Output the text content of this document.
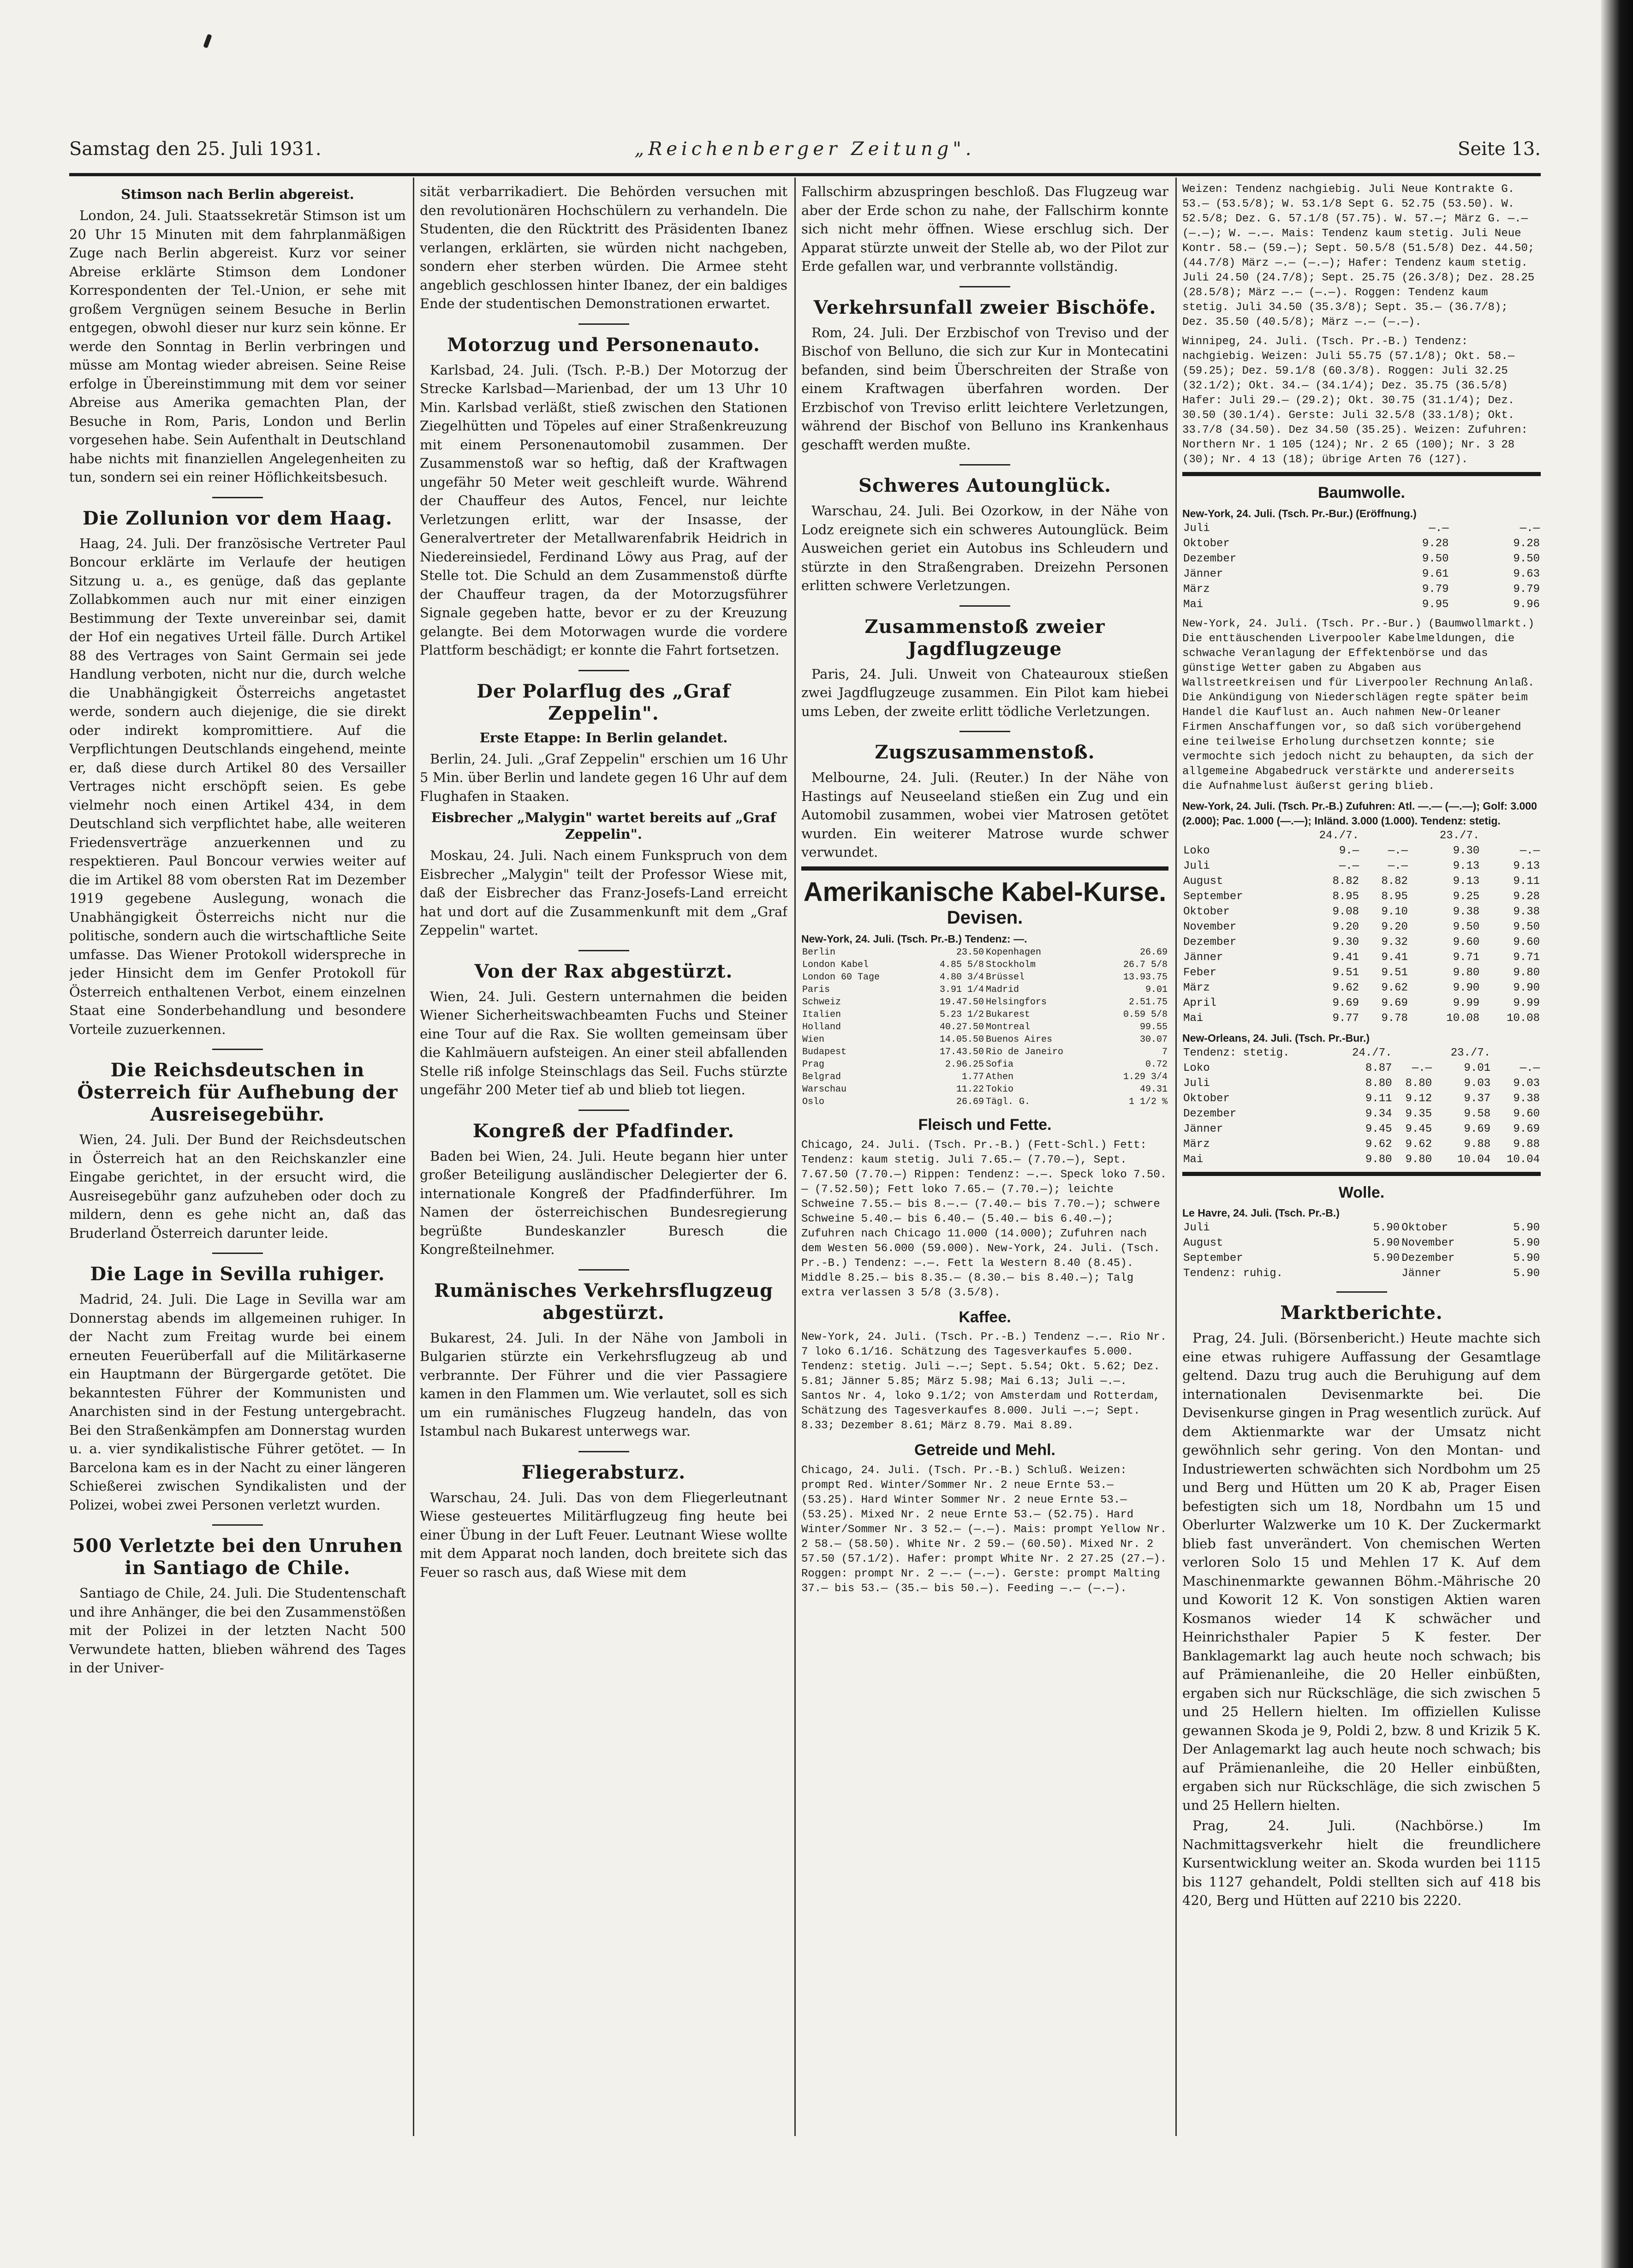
Samstag den 25. Juli 1931.	„Reichenberger Zeitung".	Seite 13.
Stimson nach Berlin abgereist.

London, 24. Juli. Staatssekretär Stimson ist um 20 Uhr 15 Minuten mit dem fahrplanmäßigen Zuge nach Berlin abgereist. Kurz vor seiner Abreise erklärte Stimson dem Londoner Korrespondenten der Tel.-Union, er sehe mit großem Vergnügen seinem Besuche in Berlin entgegen, obwohl dieser nur kurz sein könne. Er werde den Sonntag in Berlin verbringen und müsse am Montag wieder abreisen. Seine Reise erfolge in Übereinstimmung mit dem vor seiner Abreise aus Amerika gemachten Plan, der Besuche in Rom, Paris, London und Berlin vorgesehen habe. Sein Aufenthalt in Deutschland habe nichts mit finanziellen Angelegenheiten zu tun, sondern sei ein reiner Höflichkeitsbesuch.

Die Zollunion vor dem Haag.

Haag, 24. Juli. Der französische Vertreter Paul Boncour erklärte im Verlaufe der heutigen Sitzung u. a., es genüge, daß das geplante Zollabkommen auch nur mit einer einzigen Bestimmung der Texte unvereinbar sei, damit der Hof ein negatives Urteil fälle. Durch Artikel 88 des Vertrages von Saint Germain sei jede Handlung verboten, nicht nur die, durch welche die Unabhängigkeit Österreichs angetastet werde, sondern auch diejenige, die sie direkt oder indirekt kompromittiere. Auf die Verpflichtungen Deutschlands eingehend, meinte er, daß diese durch Artikel 80 des Versailler Vertrages nicht erschöpft seien. Es gebe vielmehr noch einen Artikel 434, in dem Deutschland sich verpflichtet habe, alle weiteren Friedensverträge anzuerkennen und zu respektieren. Paul Boncour verwies weiter auf die im Artikel 88 vom obersten Rat im Dezember 1919 gegebene Auslegung, wonach die Unabhängigkeit Österreichs nicht nur die politische, sondern auch die wirtschaftliche Seite umfasse. Das Wiener Protokoll widerspreche in jeder Hinsicht dem im Genfer Protokoll für Österreich enthaltenen Verbot, einem einzelnen Staat eine Sonderbehandlung und besondere Vorteile zuzuerkennen.

Die Reichsdeutschen in Österreich für Aufhebung der Ausreisegebühr.

Wien, 24. Juli. Der Bund der Reichsdeutschen in Österreich hat an den Reichskanzler eine Eingabe gerichtet, in der ersucht wird, die Ausreisegebühr ganz aufzuheben oder doch zu mildern, denn es gehe nicht an, daß das Bruderland Österreich darunter leide.

Die Lage in Sevilla ruhiger.

Madrid, 24. Juli. Die Lage in Sevilla war am Donnerstag abends im allgemeinen ruhiger. In der Nacht zum Freitag wurde bei einem erneuten Feuerüberfall auf die Militärkaserne ein Hauptmann der Bürgergarde getötet. Die bekanntesten Führer der Kommunisten und Anarchisten sind in der Festung untergebracht. Bei den Straßenkämpfen am Donnerstag wurden u. a. vier syndikalistische Führer getötet. — In Barcelona kam es in der Nacht zu einer längeren Schießerei zwischen Syndikalisten und der Polizei, wobei zwei Personen verletzt wurden.

500 Verletzte bei den Unruhen in Santiago de Chile.

Santiago de Chile, 24. Juli. Die Studentenschaft und ihre Anhänger, die bei den Zusammenstößen mit der Polizei in der letzten Nacht 500 Verwundete hatten, blieben während des Tages in der Univer-

sität verbarrikadiert. Die Behörden versuchen mit den revolutionären Hochschülern zu verhandeln. Die Studenten, die den Rücktritt des Präsidenten Ibanez verlangen, erklärten, sie würden nicht nachgeben, sondern eher sterben würden. Die Armee steht angeblich geschlossen hinter Ibanez, der ein baldiges Ende der studentischen Demonstrationen erwartet.

Motorzug und Personenauto.

Karlsbad, 24. Juli. (Tsch. P.-B.) Der Motorzug der Strecke Karlsbad—Marienbad, der um 13 Uhr 10 Min. Karlsbad verläßt, stieß zwischen den Stationen Ziegelhütten und Töpeles auf einer Straßenkreuzung mit einem Personenautomobil zusammen. Der Zusammenstoß war so heftig, daß der Kraftwagen ungefähr 50 Meter weit geschleift wurde. Während der Chauffeur des Autos, Fencel, nur leichte Verletzungen erlitt, war der Insasse, der Generalvertreter der Metallwarenfabrik Heidrich in Niedereinsiedel, Ferdinand Löwy aus Prag, auf der Stelle tot. Die Schuld an dem Zusammenstoß dürfte der Chauffeur tragen, da der Motorzugsführer Signale gegeben hatte, bevor er zu der Kreuzung gelangte. Bei dem Motorwagen wurde die vordere Plattform beschädigt; er konnte die Fahrt fortsetzen.

Der Polarflug des „Graf Zeppelin".
Erste Etappe: In Berlin gelandet.

Berlin, 24. Juli. „Graf Zeppelin" erschien um 16 Uhr 5 Min. über Berlin und landete gegen 16 Uhr auf dem Flughafen in Staaken.

Eisbrecher „Malygin" wartet bereits auf „Graf Zeppelin".

Moskau, 24. Juli. Nach einem Funkspruch von dem Eisbrecher „Malygin" teilt der Professor Wiese mit, daß der Eisbrecher das Franz-Josefs-Land erreicht hat und dort auf die Zusammenkunft mit dem „Graf Zeppelin" wartet.

Von der Rax abgestürzt.

Wien, 24. Juli. Gestern unternahmen die beiden Wiener Sicherheitswachbeamten Fuchs und Steiner eine Tour auf die Rax. Sie wollten gemeinsam über die Kahlmäuern aufsteigen. An einer steil abfallenden Stelle riß infolge Steinschlags das Seil. Fuchs stürzte ungefähr 200 Meter tief ab und blieb tot liegen.

Kongreß der Pfadfinder.

Baden bei Wien, 24. Juli. Heute begann hier unter großer Beteiligung ausländischer Delegierter der 6. internationale Kongreß der Pfadfinderführer. Im Namen der österreichischen Bundesregierung begrüßte Bundeskanzler Buresch die Kongreßteilnehmer.

Rumänisches Verkehrsflugzeug abgestürzt.

Bukarest, 24. Juli. In der Nähe von Jamboli in Bulgarien stürzte ein Verkehrsflugzeug ab und verbrannte. Der Führer und die vier Passagiere kamen in den Flammen um. Wie verlautet, soll es sich um ein rumänisches Flugzeug handeln, das von Istambul nach Bukarest unterwegs war.

Fliegerabsturz.

Warschau, 24. Juli. Das von dem Fliegerleutnant Wiese gesteuertes Militärflugzeug fing heute bei einer Übung in der Luft Feuer. Leutnant Wiese wollte mit dem Apparat noch landen, doch breitete sich das Feuer so rasch aus, daß Wiese mit dem

Fallschirm abzuspringen beschloß. Das Flugzeug war aber der Erde schon zu nahe, der Fallschirm konnte sich nicht mehr öffnen. Wiese erschlug sich. Der Apparat stürzte unweit der Stelle ab, wo der Pilot zur Erde gefallen war, und verbrannte vollständig.

Verkehrsunfall zweier Bischöfe.

Rom, 24. Juli. Der Erzbischof von Treviso und der Bischof von Belluno, die sich zur Kur in Montecatini befanden, sind beim Überschreiten der Straße von einem Kraftwagen überfahren worden. Der Erzbischof von Treviso erlitt leichtere Verletzungen, während der Bischof von Belluno ins Krankenhaus geschafft werden mußte.

Schweres Autounglück.

Warschau, 24. Juli. Bei Ozorkow, in der Nähe von Lodz ereignete sich ein schweres Autounglück. Beim Ausweichen geriet ein Autobus ins Schleudern und stürzte in den Straßengraben. Dreizehn Personen erlitten schwere Verletzungen.

Zusammenstoß zweier Jagdflugzeuge

Paris, 24. Juli. Unweit von Chateauroux stießen zwei Jagdflugzeuge zusammen. Ein Pilot kam hiebei ums Leben, der zweite erlitt tödliche Verletzungen.

Zugszusammenstoß.

Melbourne, 24. Juli. (Reuter.) In der Nähe von Hastings auf Neuseeland stießen ein Zug und ein Automobil zusammen, wobei vier Matrosen getötet wurden. Ein weiterer Matrose wurde schwer verwundet.

Amerikanische Kabel-Kurse.
Devisen.
New-York, 24. Juli. (Tsch. Pr.-B.) Tendenz: —.
Berlin	23.50	Kopenhagen	26.69
London Kabel	4.85 5/8	Stockholm	26.7 5/8
London 60 Tage	4.80 3/4	Brüssel	13.93.75
Paris	3.91 1/4	Madrid	9.01
Schweiz	19.47.50	Helsingfors	2.51.75
Italien	5.23 1/2	Bukarest	0.59 5/8
Holland	40.27.50	Montreal	99.55
Wien	14.05.50	Buenos Aires	30.07
Budapest	17.43.50	Rio de Janeiro	7
Prag	2.96.25	Sofia	0.72
Belgrad	1.77	Athen	1.29 3/4
Warschau	11.22	Tokio	49.31
Oslo	26.69	Tägl. G.	1 1/2 %
Fleisch und Fette.
Chicago, 24. Juli. (Tsch. Pr.-B.) (Fett-Schl.) Fett: Tendenz: kaum stetig. Juli 7.65.— (7.70.—), Sept. 7.67.50 (7.70.—) Rippen: Tendenz: —.—. Speck loko 7.50.— (7.52.50); Fett loko 7.65.— (7.70.—); leichte Schweine 7.55.— bis 8.—.— (7.40.— bis 7.70.—); schwere Schweine 5.40.— bis 6.40.— (5.40.— bis 6.40.—); Zufuhren nach Chicago 11.000 (14.000); Zufuhren nach dem Westen 56.000 (59.000). New-York, 24. Juli. (Tsch. Pr.-B.) Tendenz: —.—. Fett la Western 8.40 (8.45). Middle 8.25.— bis 8.35.— (8.30.— bis 8.40.—); Talg extra verlassen 3 5/8 (3.5/8).
Kaffee.
New-York, 24. Juli. (Tsch. Pr.-B.) Tendenz —.—. Rio Nr. 7 loko 6.1/16. Schätzung des Tagesverkaufes 5.000. Tendenz: stetig. Juli —.—; Sept. 5.54; Okt. 5.62; Dez. 5.81; Jänner 5.85; März 5.98; Mai 6.13; Juli —.—. Santos Nr. 4, loko 9.1/2; von Amsterdam und Rotterdam, Schätzung des Tagesverkaufes 8.000. Juli —.—; Sept. 8.33; Dezember 8.61; März 8.79. Mai 8.89.
Getreide und Mehl.
Chicago, 24. Juli. (Tsch. Pr.-B.) Schluß. Weizen: prompt Red. Winter/Sommer Nr. 2 neue Ernte 53.— (53.25). Hard Winter Sommer Nr. 2 neue Ernte 53.— (53.25). Mixed Nr. 2 neue Ernte 53.— (52.75). Hard Winter/Sommer Nr. 3 52.— (—.—). Mais: prompt Yellow Nr. 2 58.— (58.50). White Nr. 2 59.— (60.50). Mixed Nr. 2 57.50 (57.1/2). Hafer: prompt White Nr. 2 27.25 (27.—). Roggen: prompt Nr. 2 —.— (—.—). Gerste: prompt Malting 37.— bis 53.— (35.— bis 50.—). Feeding —.— (—.—).
Weizen: Tendenz nachgiebig. Juli Neue Kontrakte G. 53.— (53.5/8); W. 53.1/8 Sept G. 52.75 (53.50). W. 52.5/8; Dez. G. 57.1/8 (57.75). W. 57.—; März G. —.— (—.—); W. —.—. Mais: Tendenz kaum stetig. Juli Neue Kontr. 58.— (59.—); Sept. 50.5/8 (51.5/8) Dez. 44.50; (44.7/8) März —.— (—.—); Hafer: Tendenz kaum stetig. Juli 24.50 (24.7/8); Sept. 25.75 (26.3/8); Dez. 28.25 (28.5/8); März —.— (—.—). Roggen: Tendenz kaum stetig. Juli 34.50 (35.3/8); Sept. 35.— (36.7/8); Dez. 35.50 (40.5/8); März —.— (—.—).
Winnipeg, 24. Juli. (Tsch. Pr.-B.) Tendenz: nachgiebig. Weizen: Juli 55.75 (57.1/8); Okt. 58.— (59.25); Dez. 59.1/8 (60.3/8). Roggen: Juli 32.25 (32.1/2); Okt. 34.— (34.1/4); Dez. 35.75 (36.5/8) Hafer: Juli 29.— (29.2); Okt. 30.75 (31.1/4); Dez. 30.50 (30.1/4). Gerste: Juli 32.5/8 (33.1/8); Okt. 33.7/8 (34.50). Dez 34.50 (35.25). Weizen: Zufuhren: Northern Nr. 1 105 (124); Nr. 2 65 (100); Nr. 3 28 (30); Nr. 4 13 (18); übrige Arten 76 (127).
Baumwolle.
New-York, 24. Juli. (Tsch. Pr.-Bur.) (Eröffnung.)
Juli	—.—	—.—
Oktober	9.28	9.28
Dezember	9.50	9.50
Jänner	9.61	9.63
März	9.79	9.79
Mai	9.95	9.96
New-York, 24. Juli. (Tsch. Pr.-Bur.) (Baumwollmarkt.) Die enttäuschenden Liverpooler Kabelmeldungen, die schwache Veranlagung der Effektenbörse und das günstige Wetter gaben zu Abgaben aus Wallstreetkreisen und für Liverpooler Rechnung Anlaß. Die Ankündigung von Niederschlägen regte später beim Handel die Kauflust an. Auch nahmen New-Orleaner Firmen Anschaffungen vor, so daß sich vorübergehend eine teilweise Erholung durchsetzen konnte; sie vermochte sich jedoch nicht zu behaupten, da sich der allgemeine Abgabedruck verstärkte und andererseits die Aufnahmelust äußerst gering blieb.
New-York, 24. Juli. (Tsch. Pr.-B.) Zufuhren: Atl. —.— (—.—); Golf: 3.000 (2.000); Pac. 1.000 (—.—); Inländ. 3.000 (1.000). Tendenz: stetig.
	24./7.		23./7.	
Loko	9.—	—.—	9.30	—.—
Juli	—.—	—.—	9.13	9.13
August	8.82	8.82	9.13	9.11
September	8.95	8.95	9.25	9.28
Oktober	9.08	9.10	9.38	9.38
November	9.20	9.20	9.50	9.50
Dezember	9.30	9.32	9.60	9.60
Jänner	9.41	9.41	9.71	9.71
Feber	9.51	9.51	9.80	9.80
März	9.62	9.62	9.90	9.90
April	9.69	9.69	9.99	9.99
Mai	9.77	9.78	10.08	10.08
New-Orleans, 24. Juli. (Tsch. Pr.-Bur.)
Tendenz: stetig.	24./7.		23./7.	
Loko	8.87	—.—	9.01	—.—
Juli	8.80	8.80	9.03	9.03
Oktober	9.11	9.12	9.37	9.38
Dezember	9.34	9.35	9.58	9.60
Jänner	9.45	9.45	9.69	9.69
März	9.62	9.62	9.88	9.88
Mai	9.80	9.80	10.04	10.04
Wolle.
Le Havre, 24. Juli. (Tsch. Pr.-B.)
Juli	5.90	Oktober	5.90
August	5.90	November	5.90
September	5.90	Dezember	5.90
Tendenz: ruhig.		Jänner	5.90
Marktberichte.

Prag, 24. Juli. (Börsenbericht.) Heute machte sich eine etwas ruhigere Auffassung der Gesamtlage geltend. Dazu trug auch die Beruhigung auf dem internationalen Devisenmarkte bei. Die Devisenkurse gingen in Prag wesentlich zurück. Auf dem Aktienmarkte war der Umsatz nicht gewöhnlich sehr gering. Von den Montan- und Industriewerten schwächten sich Nordbohm um 25 und Berg und Hütten um 20 K ab, Prager Eisen befestigten sich um 18, Nordbahn um 15 und Oberlurter Walzwerke um 10 K. Der Zuckermarkt blieb fast unverändert. Von chemischen Werten verloren Solo 15 und Mehlen 17 K. Auf dem Maschinenmarkte gewannen Böhm.-Mährische 20 und Koworit 12 K. Von sonstigen Aktien waren Kosmanos wieder 14 K schwächer und Heinrichsthaler Papier 5 K fester. Der Banklagemarkt lag auch heute noch schwach; bis auf Prämienanleihe, die 20 Heller einbüßten, ergaben sich nur Rückschläge, die sich zwischen 5 und 25 Hellern hielten. Im offiziellen Kulisse gewannen Skoda je 9, Poldi 2, bzw. 8 und Krizik 5 K. Der Anlagemarkt lag auch heute noch schwach; bis auf Prämienanleihe, die 20 Heller einbüßten, ergaben sich nur Rückschläge, die sich zwischen 5 und 25 Hellern hielten.

Prag, 24. Juli. (Nachbörse.) Im Nachmittagsverkehr hielt die freundlichere Kursentwicklung weiter an. Skoda wurden bei 1115 bis 1127 gehandelt, Poldi stellten sich auf 418 bis 420, Berg und Hütten auf 2210 bis 2220.
